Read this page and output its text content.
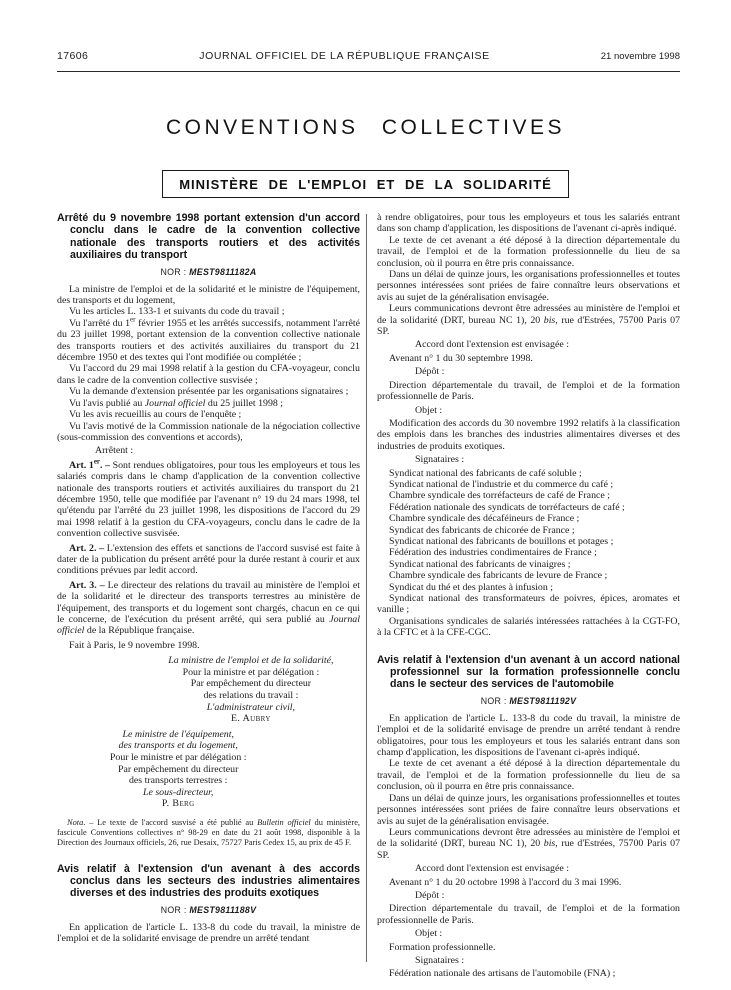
17606	JOURNAL OFFICIEL DE LA RÉPUBLIQUE FRANÇAISE	21 novembre 1998
CONVENTIONS COLLECTIVES
MINISTÈRE DE L'EMPLOI ET DE LA SOLIDARITÉ
Arrêté du 9 novembre 1998 portant extension d'un accord conclu dans le cadre de la convention collective nationale des transports routiers et des activités auxiliaires du transport
NOR : MEST9811182A
La ministre de l'emploi et de la solidarité et le ministre de l'équipement, des transports et du logement,
Vu les articles L. 133-1 et suivants du code du travail ;
Vu l'arrêté du 1er février 1955 et les arrêtés successifs, notamment l'arrêté du 23 juillet 1998, portant extension de la convention collective nationale des transports routiers et des activités auxiliaires du transport du 21 décembre 1950 et des textes qui l'ont modifiée ou complétée ;
Vu l'accord du 29 mai 1998 relatif à la gestion du CFA-voyageur, conclu dans le cadre de la convention collective susvisée ;
Vu la demande d'extension présentée par les organisations signataires ;
Vu l'avis publié au Journal officiel du 25 juillet 1998 ;
Vu les avis recueillis au cours de l'enquête ;
Vu l'avis motivé de la Commission nationale de la négociation collective (sous-commission des conventions et accords),
Arrêtent :
Art. 1er. – Sont rendues obligatoires, pour tous les employeurs et tous les salariés compris dans le champ d'application de la convention collective nationale des transports routiers et activités auxiliaires du transport du 21 décembre 1950, telle que modifiée par l'avenant n° 19 du 24 mars 1998, tel qu'étendu par l'arrêté du 23 juillet 1998, les dispositions de l'accord du 29 mai 1998 relatif à la gestion du CFA-voyageurs, conclu dans le cadre de la convention collective susvisée.
Art. 2. – L'extension des effets et sanctions de l'accord susvisé est faite à dater de la publication du présent arrêté pour la durée restant à courir et aux conditions prévues par ledit accord.
Art. 3. – Le directeur des relations du travail au ministère de l'emploi et de la solidarité et le directeur des transports terrestres au ministère de l'équipement, des transports et du logement sont chargés, chacun en ce qui le concerne, de l'exécution du présent arrêté, qui sera publié au Journal officiel de la République française.
Fait à Paris, le 9 novembre 1998.
La ministre de l'emploi et de la solidarité,
Pour la ministre et par délégation :
Par empêchement du directeur
des relations du travail :
L'administrateur civil,
E. Aubry
Le ministre de l'équipement,
des transports et du logement,
Pour le ministre et par délégation :
Par empêchement du directeur
des transports terrestres :
Le sous-directeur,
P. Berg
Nota. – Le texte de l'accord susvisé a été publié au Bulletin officiel du ministère, fascicule Conventions collectives n° 98-29 en date du 21 août 1998, disponible à la Direction des Journaux officiels, 26, rue Desaix, 75727 Paris Cedex 15, au prix de 45 F.
Avis relatif à l'extension d'un avenant à des accords conclus dans les secteurs des industries alimentaires diverses et des industries des produits exotiques
NOR : MEST9811188V
En application de l'article L. 133-8 du code du travail, la ministre de l'emploi et de la solidarité envisage de prendre un arrêté tendant
à rendre obligatoires, pour tous les employeurs et tous les salariés entrant dans son champ d'application, les dispositions de l'avenant ci-après indiqué.
Le texte de cet avenant a été déposé à la direction départementale du travail, de l'emploi et de la formation professionnelle du lieu de sa conclusion, où il pourra en être pris connaissance.
Dans un délai de quinze jours, les organisations professionnelles et toutes personnes intéressées sont priées de faire connaître leurs observations et avis au sujet de la généralisation envisagée.
Leurs communications devront être adressées au ministère de l'emploi et de la solidarité (DRT, bureau NC 1), 20 bis, rue d'Estrées, 75700 Paris 07 SP.
Accord dont l'extension est envisagée :
Avenant n° 1 du 30 septembre 1998.
Dépôt :
Direction départementale du travail, de l'emploi et de la formation professionnelle de Paris.
Objet :
Modification des accords du 30 novembre 1992 relatifs à la classification des emplois dans les branches des industries alimentaires diverses et des industries de produits exotiques.
Signataires :
Syndicat national des fabricants de café soluble ;
Syndicat national de l'industrie et du commerce du café ;
Chambre syndicale des torréfacteurs de café de France ;
Fédération nationale des syndicats de torréfacteurs de café ;
Chambre syndicale des décaféineurs de France ;
Syndicat des fabricants de chicorée de France ;
Syndicat national des fabricants de bouillons et potages ;
Fédération des industries condimentaires de France ;
Syndicat national des fabricants de vinaigres ;
Chambre syndicale des fabricants de levure de France ;
Syndicat du thé et des plantes à infusion ;
Syndicat national des transformateurs de poivres, épices, aromates et vanille ;
Organisations syndicales de salariés intéressées rattachées à la CGT-FO, à la CFTC et à la CFE-CGC.
Avis relatif à l'extension d'un avenant à un accord national professionnel sur la formation professionnelle conclu dans le secteur des services de l'automobile
NOR : MEST9811192V
En application de l'article L. 133-8 du code du travail, la ministre de l'emploi et de la solidarité envisage de prendre un arrêté tendant à rendre obligatoires, pour tous les employeurs et tous les salariés entrant dans son champ d'application, les dispositions de l'avenant ci-après indiqué.
Le texte de cet avenant a été déposé à la direction départementale du travail, de l'emploi et de la formation professionnelle du lieu de sa conclusion, où il pourra en être pris connaissance.
Dans un délai de quinze jours, les organisations professionnelles et toutes personnes intéressées sont priées de faire connaître leurs observations et avis au sujet de la généralisation envisagée.
Leurs communications devront être adressées au ministère de l'emploi et de la solidarité (DRT, bureau NC 1), 20 bis, rue d'Estrées, 75700 Paris 07 SP.
Accord dont l'extension est envisagée :
Avenant n° 1 du 20 octobre 1998 à l'accord du 3 mai 1996.
Dépôt :
Direction départementale du travail, de l'emploi et de la formation professionnelle de Paris.
Objet :
Formation professionnelle.
Signataires :
Fédération nationale des artisans de l'automobile (FNA) ;
